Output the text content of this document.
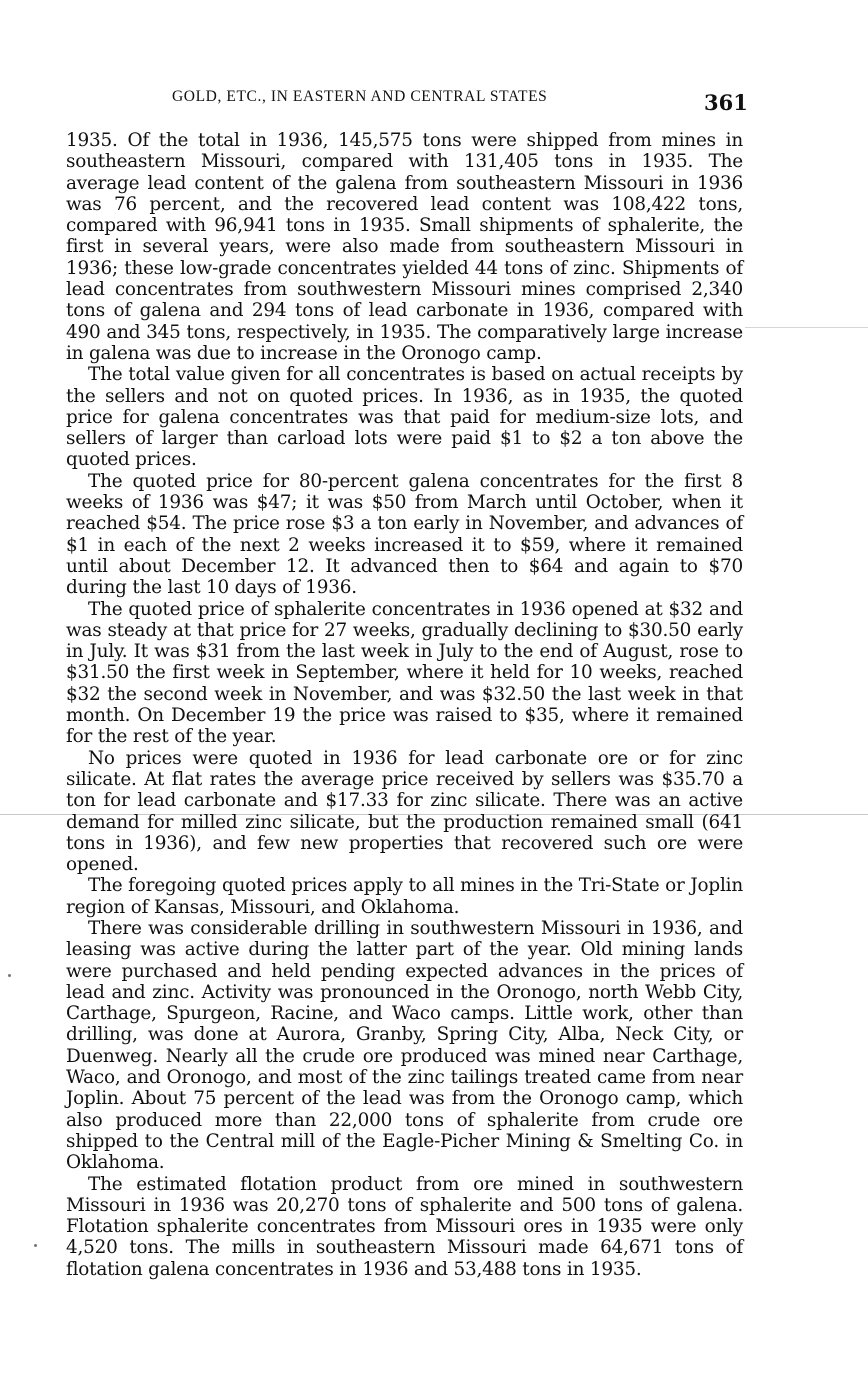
GOLD, ETC., IN EASTERN AND CENTRAL STATES	361

1935. Of the total in 1936, 145,575 tons were shipped from mines in southeastern Missouri, compared with 131,405 tons in 1935. The average lead content of the galena from southeastern Missouri in 1936 was 76 percent, and the recovered lead content was 108,422 tons, compared with 96,941 tons in 1935. Small shipments of sphalerite, the first in several years, were also made from southeastern Missouri in 1936; these low-grade concentrates yielded 44 tons of zinc. Shipments of lead concentrates from southwestern Missouri mines comprised 2,340 tons of galena and 294 tons of lead carbonate in 1936, compared with 490 and 345 tons, respectively, in 1935. The comparatively large increase in galena was due to increase in the Oronogo camp.

The total value given for all concentrates is based on actual receipts by the sellers and not on quoted prices. In 1936, as in 1935, the quoted price for galena concentrates was that paid for medium-size lots, and sellers of larger than carload lots were paid $1 to $2 a ton above the quoted prices.

The quoted price for 80-percent galena concentrates for the first 8 weeks of 1936 was $47; it was $50 from March until October, when it reached $54. The price rose $3 a ton early in November, and advances of $1 in each of the next 2 weeks increased it to $59, where it remained until about December 12. It advanced then to $64 and again to $70 during the last 10 days of 1936.

The quoted price of sphalerite concentrates in 1936 opened at $32 and was steady at that price for 27 weeks, gradually declining to $30.50 early in July. It was $31 from the last week in July to the end of August, rose to $31.50 the first week in September, where it held for 10 weeks, reached $32 the second week in November, and was $32.50 the last week in that month. On December 19 the price was raised to $35, where it remained for the rest of the year.

No prices were quoted in 1936 for lead carbonate ore or for zinc silicate. At flat rates the average price received by sellers was $35.70 a ton for lead carbonate and $17.33 for zinc silicate. There was an active demand for milled zinc silicate, but the production remained small (641 tons in 1936), and few new properties that recovered such ore were opened.

The foregoing quoted prices apply to all mines in the Tri-State or Joplin region of Kansas, Missouri, and Oklahoma.

There was considerable drilling in southwestern Missouri in 1936, and leasing was active during the latter part of the year. Old mining lands were purchased and held pending expected advances in the prices of lead and zinc. Activity was pronounced in the Oronogo, north Webb City, Carthage, Spurgeon, Racine, and Waco camps. Little work, other than drilling, was done at Aurora, Granby, Spring City, Alba, Neck City, or Duenweg. Nearly all the crude ore produced was mined near Carthage, Waco, and Oronogo, and most of the zinc tailings treated came from near Joplin. About 75 percent of the lead was from the Oronogo camp, which also produced more than 22,000 tons of sphalerite from crude ore shipped to the Central mill of the Eagle-Picher Mining & Smelting Co. in Oklahoma.

The estimated flotation product from ore mined in southwestern Missouri in 1936 was 20,270 tons of sphalerite and 500 tons of galena. Flotation sphalerite concentrates from Missouri ores in 1935 were only 4,520 tons. The mills in southeastern Missouri made 64,671 tons of flotation galena concentrates in 1936 and 53,488 tons in 1935.
